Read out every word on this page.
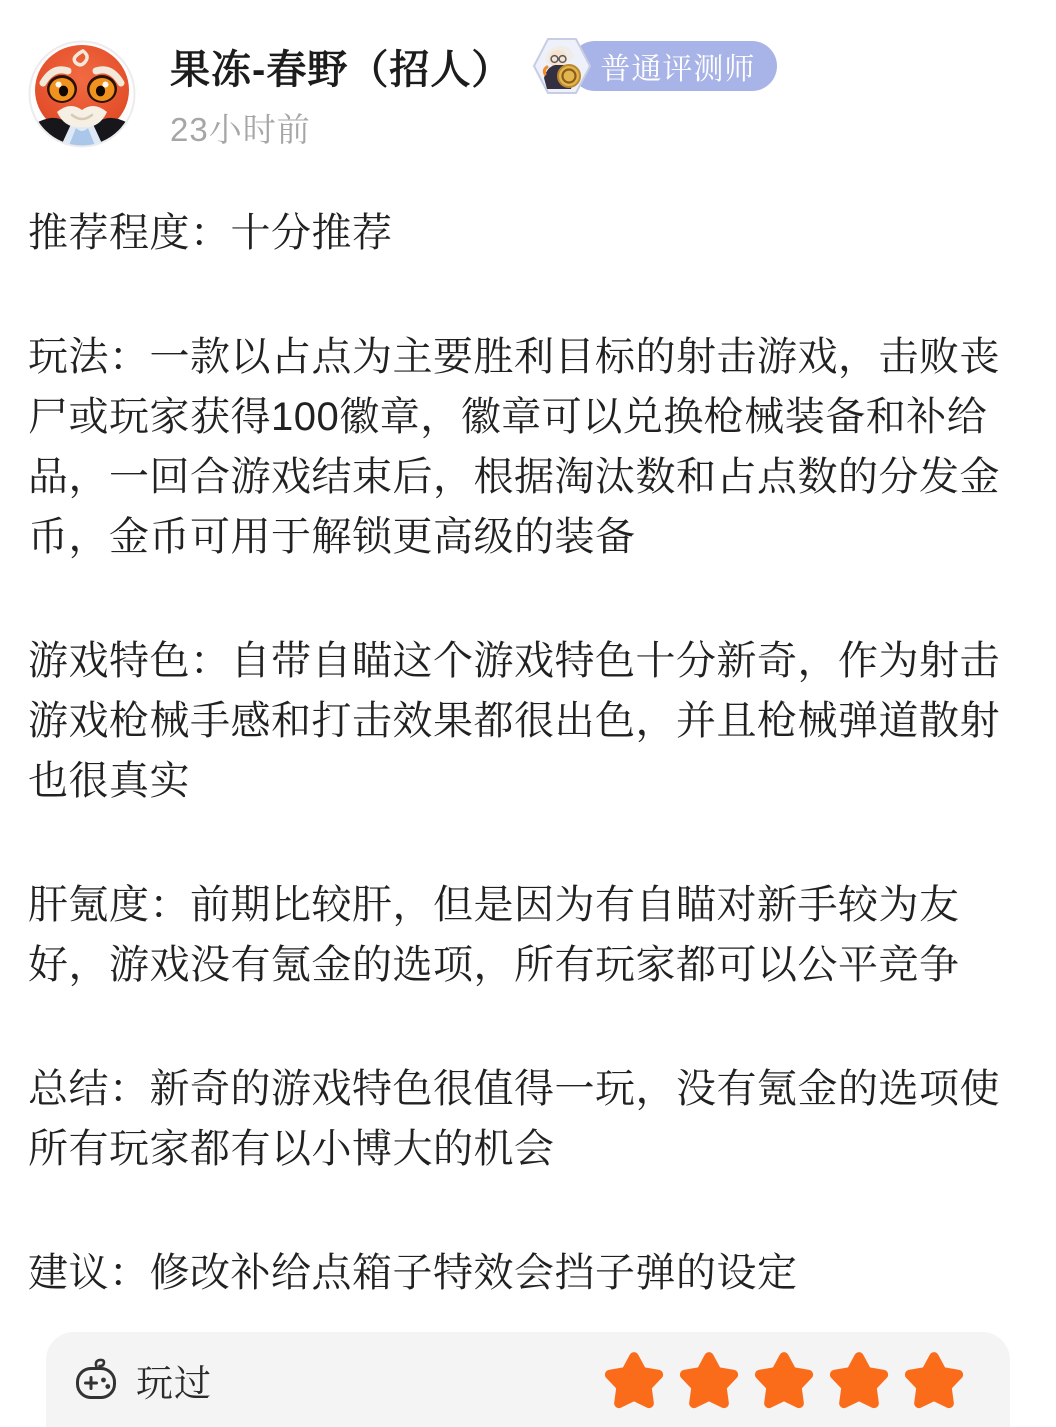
果冻-春野（招人）	普通评测师
23小时前

推荐程度：十分推荐

玩法：一款以占点为主要胜利目标的射击游戏，击败丧尸或玩家获得100徽章，徽章可以兑换枪械装备和补给品，一回合游戏结束后，根据淘汰数和占点数的分发金币，金币可用于解锁更高级的装备

游戏特色：自带自瞄这个游戏特色十分新奇，作为射击游戏枪械手感和打击效果都很出色，并且枪械弹道散射也很真实

肝氪度：前期比较肝，但是因为有自瞄对新手较为友好，游戏没有氪金的选项，所有玩家都可以公平竞争

总结：新奇的游戏特色很值得一玩，没有氪金的选项使所有玩家都有以小博大的机会

建议：修改补给点箱子特效会挡子弹的设定

玩过
